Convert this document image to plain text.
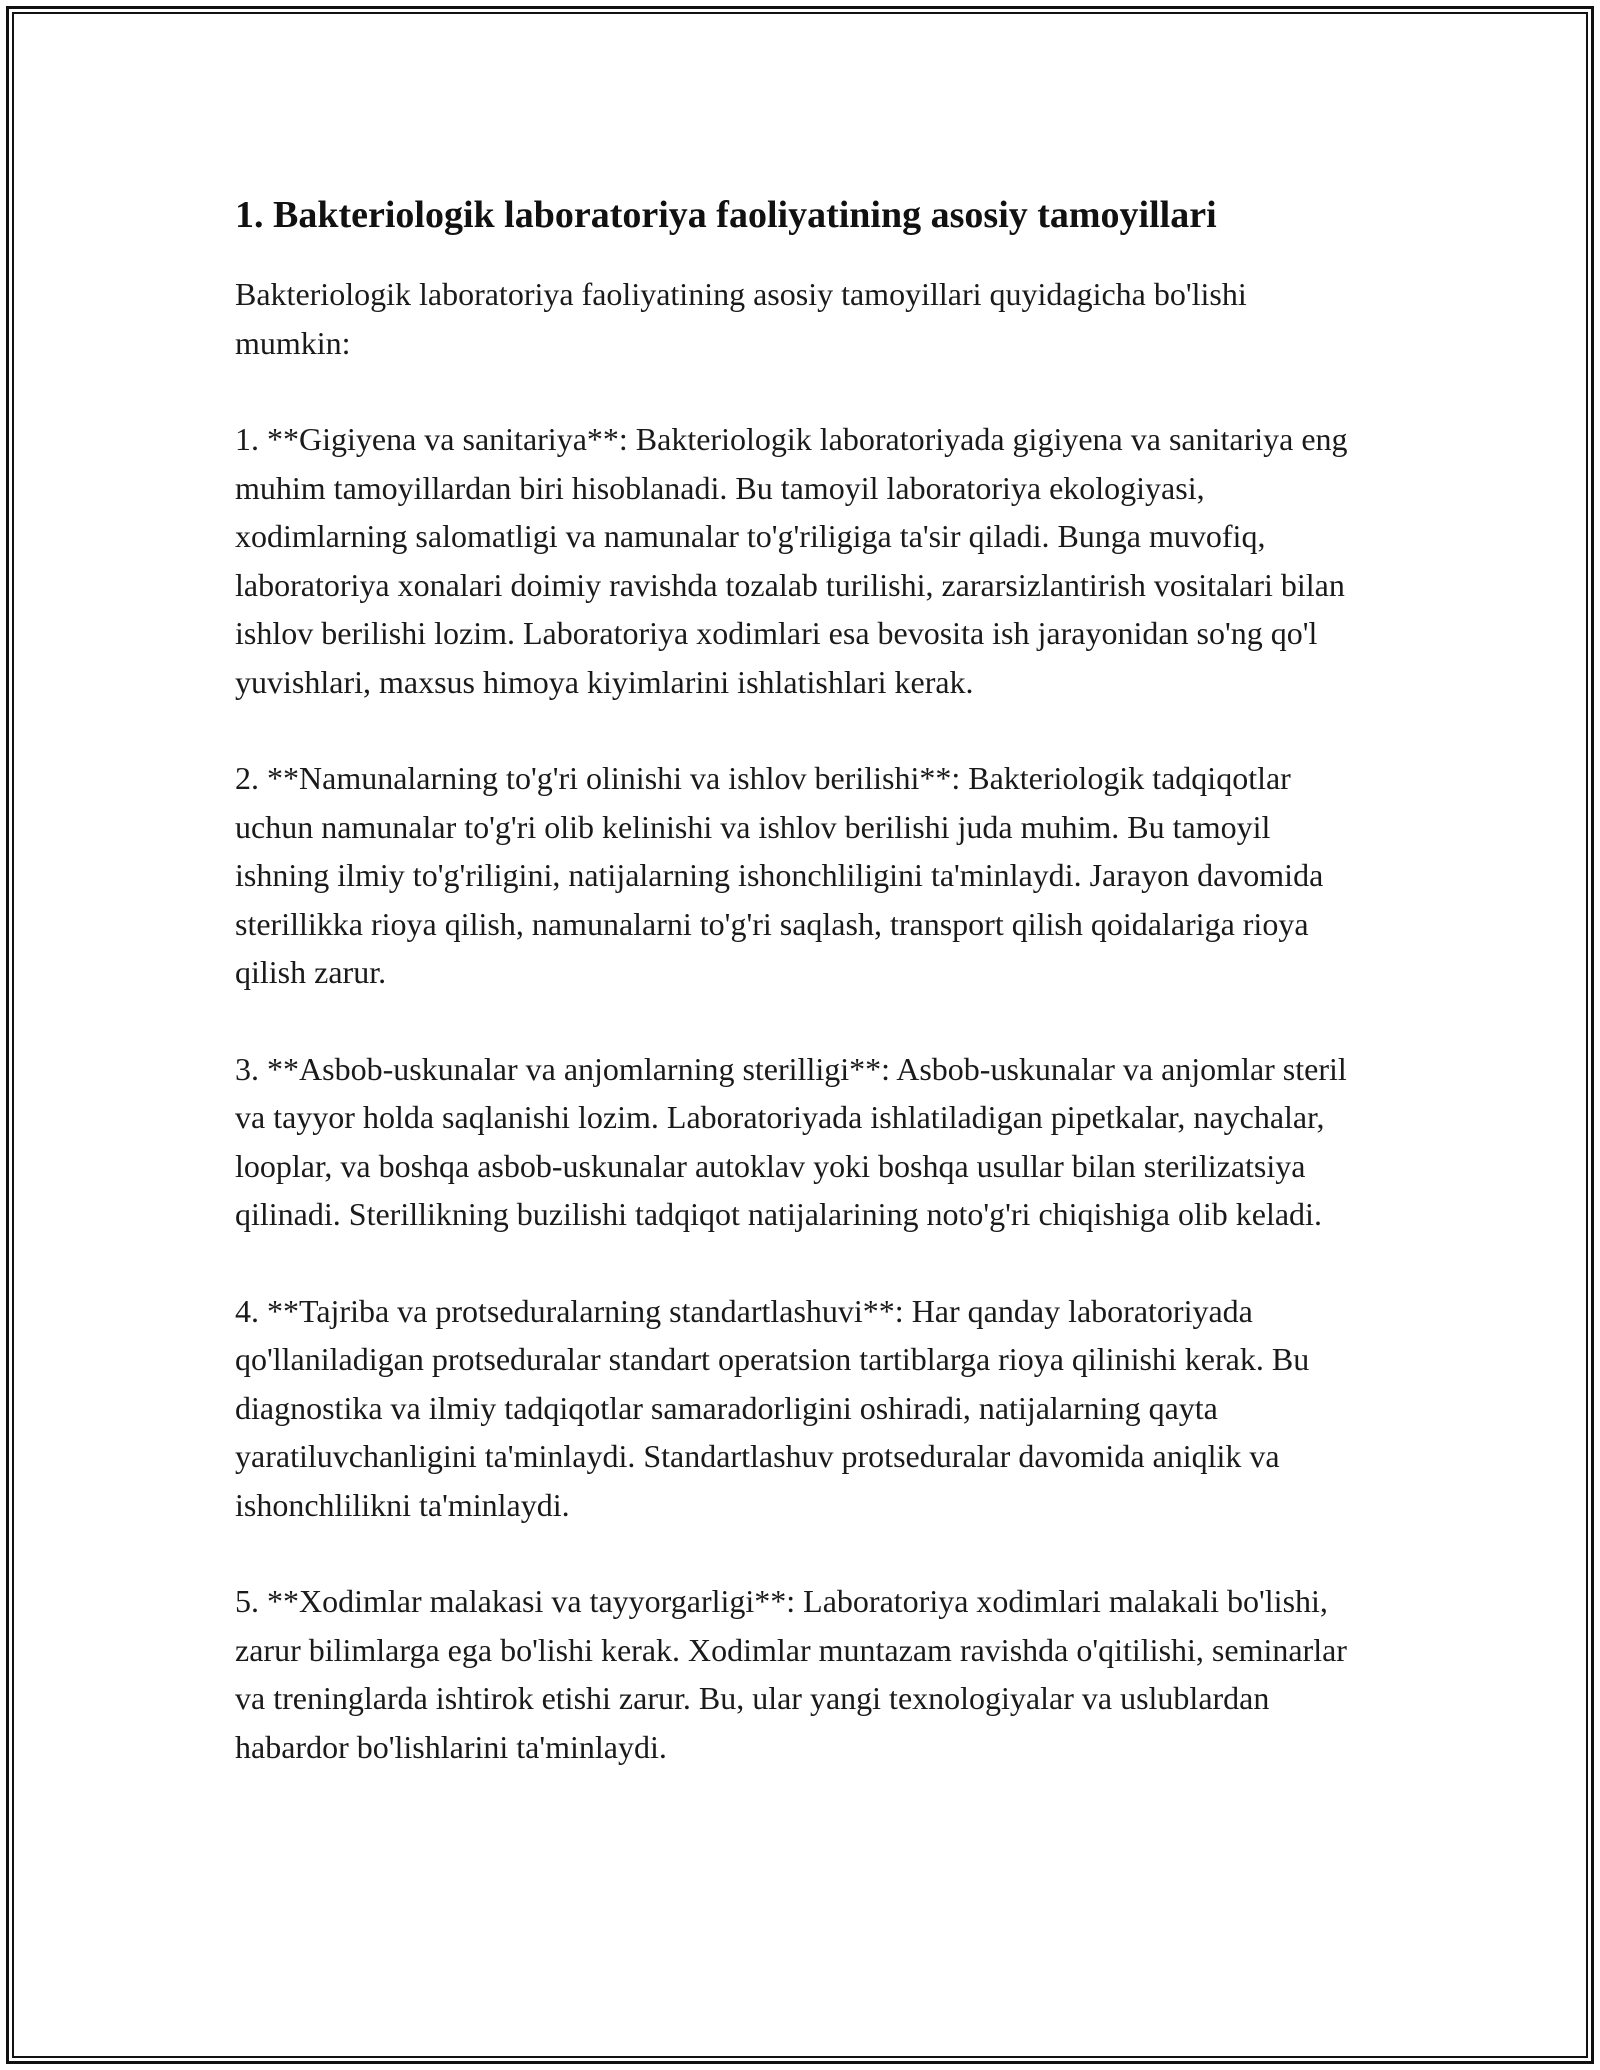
1. Bakteriologik laboratoriya faoliyatining asosiy tamoyillari

Bakteriologik laboratoriya faoliyatining asosiy tamoyillari quyidagicha bo'lishi mumkin:

1. **Gigiyena va sanitariya**: Bakteriologik laboratoriyada gigiyena va sanitariya eng muhim tamoyillardan biri hisoblanadi. Bu tamoyil laboratoriya ekologiyasi, xodimlarning salomatligi va namunalar to'g'riligiga ta'sir qiladi. Bunga muvofiq, laboratoriya xonalari doimiy ravishda tozalab turilishi, zararsizlantirish vositalari bilan ishlov berilishi lozim. Laboratoriya xodimlari esa bevosita ish jarayonidan so'ng qo'l yuvishlari, maxsus himoya kiyimlarini ishlatishlari kerak.

2. **Namunalarning to'g'ri olinishi va ishlov berilishi**: Bakteriologik tadqiqotlar uchun namunalar to'g'ri olib kelinishi va ishlov berilishi juda muhim. Bu tamoyil ishning ilmiy to'g'riligini, natijalarning ishonchliligini ta'minlaydi. Jarayon davomida sterillikka rioya qilish, namunalarni to'g'ri saqlash, transport qilish qoidalariga rioya qilish zarur.

3. **Asbob-uskunalar va anjomlarning sterilligi**: Asbob-uskunalar va anjomlar steril va tayyor holda saqlanishi lozim. Laboratoriyada ishlatiladigan pipetkalar, naychalar, looplar, va boshqa asbob-uskunalar autoklav yoki boshqa usullar bilan sterilizatsiya qilinadi. Sterillikning buzilishi tadqiqot natijalarining noto'g'ri chiqishiga olib keladi.

4. **Tajriba va protseduralarning standartlashuvi**: Har qanday laboratoriyada qo'llaniladigan protseduralar standart operatsion tartiblarga rioya qilinishi kerak. Bu diagnostika va ilmiy tadqiqotlar samaradorligini oshiradi, natijalarning qayta yaratiluvchanligini ta'minlaydi. Standartlashuv protseduralar davomida aniqlik va ishonchlilikni ta'minlaydi.

5. **Xodimlar malakasi va tayyorgarligi**: Laboratoriya xodimlari malakali bo'lishi, zarur bilimlarga ega bo'lishi kerak. Xodimlar muntazam ravishda o'qitilishi, seminarlar va treninglarda ishtirok etishi zarur. Bu, ular yangi texnologiyalar va uslublardan habardor bo'lishlarini ta'minlaydi.
